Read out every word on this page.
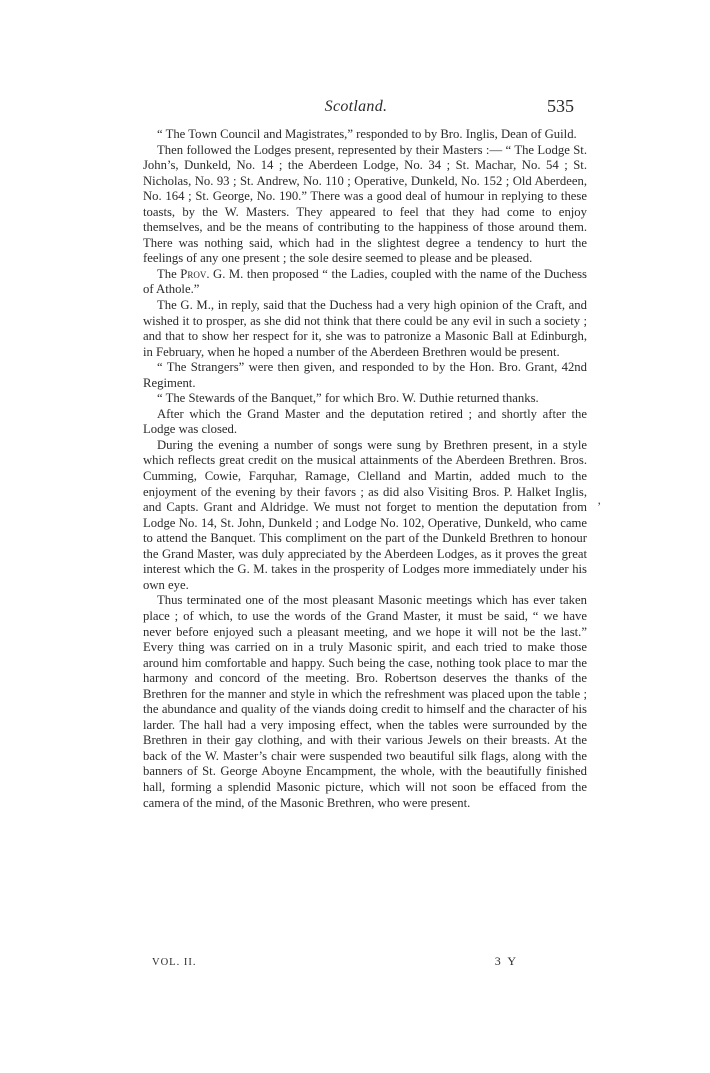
Scotland.	535

“ The Town Council and Magistrates,” responded to by Bro. Inglis, Dean of Guild.

Then followed the Lodges present, represented by their Masters :— “ The Lodge St. John’s, Dunkeld, No. 14 ; the Aberdeen Lodge, No. 34 ; St. Machar, No. 54 ; St. Nicholas, No. 93 ; St. Andrew, No. 110 ; Operative, Dunkeld, No. 152 ; Old Aberdeen, No. 164 ; St. George, No. 190.” There was a good deal of humour in replying to these toasts, by the W. Masters. They appeared to feel that they had come to enjoy themselves, and be the means of contributing to the happiness of those around them. There was nothing said, which had in the slightest degree a tendency to hurt the feelings of any one present ; the sole desire seemed to please and be pleased.

The Prov. G. M. then proposed “ the Ladies, coupled with the name of the Duchess of Athole.”

The G. M., in reply, said that the Duchess had a very high opinion of the Craft, and wished it to prosper, as she did not think that there could be any evil in such a society ; and that to show her respect for it, she was to patronize a Masonic Ball at Edinburgh, in February, when he hoped a number of the Aberdeen Brethren would be present.

“ The Strangers” were then given, and responded to by the Hon. Bro. Grant, 42nd Regiment.

“ The Stewards of the Banquet,” for which Bro. W. Duthie returned thanks.

After which the Grand Master and the deputation retired ; and shortly after the Lodge was closed.

During the evening a number of songs were sung by Brethren present, in a style which reflects great credit on the musical attainments of the Aberdeen Brethren. Bros. Cumming, Cowie, Farquhar, Ramage, Clelland and Martin, added much to the enjoyment of the evening by their favors ; as did also Visiting Bros. P. Halket Inglis, and Capts. Grant and Aldridge. We must not forget to mention the deputation from Lodge No. 14, St. John, Dunkeld ; and Lodge No. 102, Operative, Dunkeld, who came to attend the Banquet. This compliment on the part of the Dunkeld Brethren to honour the Grand Master, was duly appreciated by the Aberdeen Lodges, as it proves the great interest which the G. M. takes in the prosperity of Lodges more immediately under his own eye.

Thus terminated one of the most pleasant Masonic meetings which has ever taken place ; of which, to use the words of the Grand Master, it must be said, “ we have never before enjoyed such a pleasant meeting, and we hope it will not be the last.” Every thing was carried on in a truly Masonic spirit, and each tried to make those around him comfortable and happy. Such being the case, nothing took place to mar the harmony and concord of the meeting. Bro. Robertson deserves the thanks of the Brethren for the manner and style in which the refreshment was placed upon the table ; the abundance and quality of the viands doing credit to himself and the character of his larder. The hall had a very imposing effect, when the tables were surrounded by the Brethren in their gay clothing, and with their various Jewels on their breasts. At the back of the W. Master’s chair were suspended two beautiful silk flags, along with the banners of St. George Aboyne Encampment, the whole, with the beautifully finished hall, forming a splendid Masonic picture, which will not soon be effaced from the camera of the mind, of the Masonic Brethren, who were present.

‚
VOL. II.	3 Y
